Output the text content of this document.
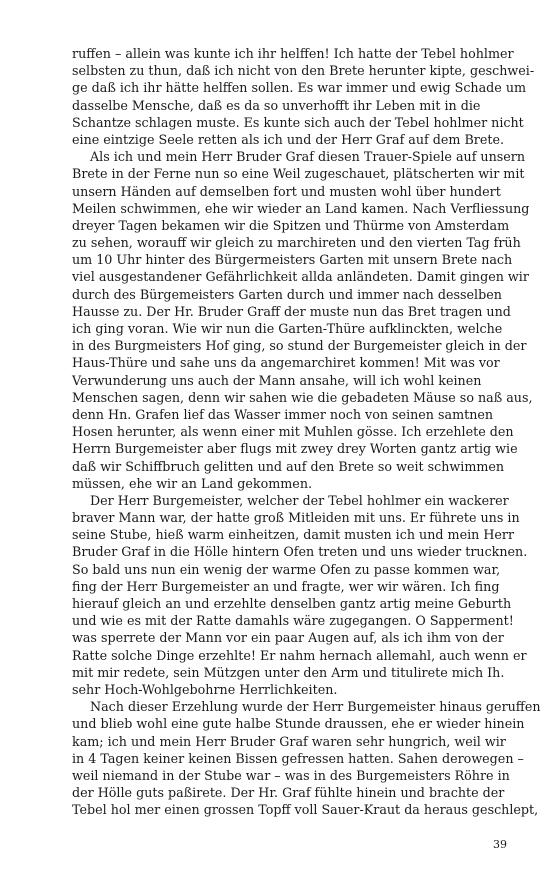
ruffen – allein was kunte ich ihr helffen! Ich hatte der Tebel hohlmer
selbsten zu thun, daß ich nicht von den Brete herunter kipte, geschwei-
ge daß ich ihr hätte helffen sollen. Es war immer und ewig Schade um
dasselbe Mensche, daß es da so unverhofft ihr Leben mit in die
Schantze schlagen muste. Es kunte sich auch der Tebel hohlmer nicht
eine eintzige Seele retten als ich und der Herr Graf auf dem Brete.
Als ich und mein Herr Bruder Graf diesen Trauer-Spiele auf unsern
Brete in der Ferne nun so eine Weil zugeschauet, plätscherten wir mit
unsern Händen auf demselben fort und musten wohl über hundert
Meilen schwimmen, ehe wir wieder an Land kamen. Nach Verfliessung
dreyer Tagen bekamen wir die Spitzen und Thürme von Amsterdam
zu sehen, worauff wir gleich zu marchireten und den vierten Tag früh
um 10 Uhr hinter des Bürgermeisters Garten mit unsern Brete nach
viel ausgestandener Gefährlichkeit allda anländeten. Damit gingen wir
durch des Bürgemeisters Garten durch und immer nach desselben
Hausse zu. Der Hr. Bruder Graff der muste nun das Bret tragen und
ich ging voran. Wie wir nun die Garten-Thüre aufklinckten, welche
in des Burgmeisters Hof ging, so stund der Burgemeister gleich in der
Haus-Thüre und sahe uns da angemarchiret kommen! Mit was vor
Verwunderung uns auch der Mann ansahe, will ich wohl keinen
Menschen sagen, denn wir sahen wie die gebadeten Mäuse so naß aus,
denn Hn. Grafen lief das Wasser immer noch von seinen samtnen
Hosen herunter, als wenn einer mit Muhlen gösse. Ich erzehlete den
Herrn Burgemeister aber flugs mit zwey drey Worten gantz artig wie
daß wir Schiffbruch gelitten und auf den Brete so weit schwimmen
müssen, ehe wir an Land gekommen.
Der Herr Burgemeister, welcher der Tebel hohlmer ein wackerer
braver Mann war, der hatte groß Mitleiden mit uns. Er führete uns in
seine Stube, hieß warm einheitzen, damit musten ich und mein Herr
Bruder Graf in die Hölle hintern Ofen treten und uns wieder trucknen.
So bald uns nun ein wenig der warme Ofen zu passe kommen war,
fing der Herr Burgemeister an und fragte, wer wir wären. Ich fing
hierauf gleich an und erzehlte denselben gantz artig meine Geburth
und wie es mit der Ratte damahls wäre zugegangen. O Sapperment!
was sperrete der Mann vor ein paar Augen auf, als ich ihm von der
Ratte solche Dinge erzehlte! Er nahm hernach allemahl, auch wenn er
mit mir redete, sein Mützgen unter den Arm und titulirete mich Ih.
sehr Hoch-Wohlgebohrne Herrlichkeiten.
Nach dieser Erzehlung wurde der Herr Burgemeister hinaus geruffen
und blieb wohl eine gute halbe Stunde draussen, ehe er wieder hinein
kam; ich und mein Herr Bruder Graf waren sehr hungrich, weil wir
in 4 Tagen keiner keinen Bissen gefressen hatten. Sahen derowegen –
weil niemand in der Stube war – was in des Burgemeisters Röhre in
der Hölle guts paßirete. Der Hr. Graf fühlte hinein und brachte der
Tebel hol mer einen grossen Topff voll Sauer-Kraut da heraus geschlept,
39
